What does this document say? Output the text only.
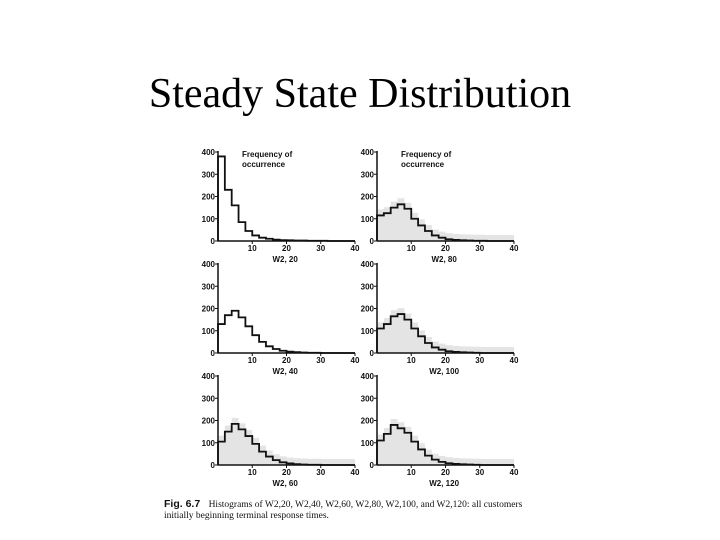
Steady State Distribution
0
100
200
300
400
10	20	30	40
W2, 20
Frequency of
occurrence
0
100
200
300
400
10	20	30	40
W2, 80
Frequency of
occurrence
0
100
200
300
400
10	20	30	40
W2, 40
0
100
200
300
400
10	20	30	40
W2, 100
0
100
200
300
400
10	20	30	40
W2, 60
0
100
200
300
400
10	20	30	40
W2, 120
Fig. 6.7 Histograms of W2,20, W2,40, W2,60, W2,80, W2,100, and W2,120: all customers
initially beginning terminal response times.
